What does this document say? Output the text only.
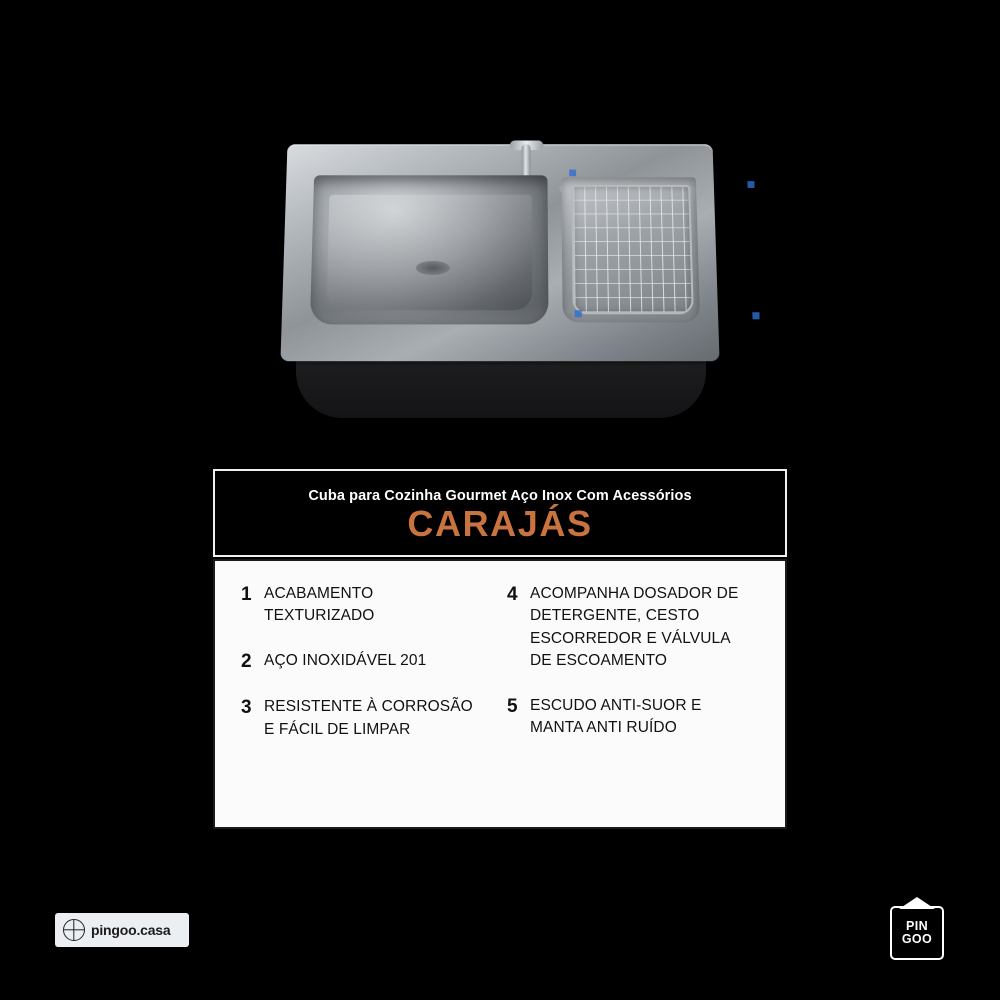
Cuba para Cozinha Gourmet Aço Inox Com Acessórios
CARAJÁS
1 ACABAMENTO TEXTURIZADO
2 AÇO INOXIDÁVEL 201
3 RESISTENTE À CORROSÃO E FÁCIL DE LIMPAR
4 ACOMPANHA DOSADOR DE DETERGENTE, CESTO ESCORREDOR E VÁLVULA DE ESCOAMENTO
5 ESCUDO ANTI-SUOR E MANTA ANTI RUÍDO
pingoo.casa	PIN
GOO
